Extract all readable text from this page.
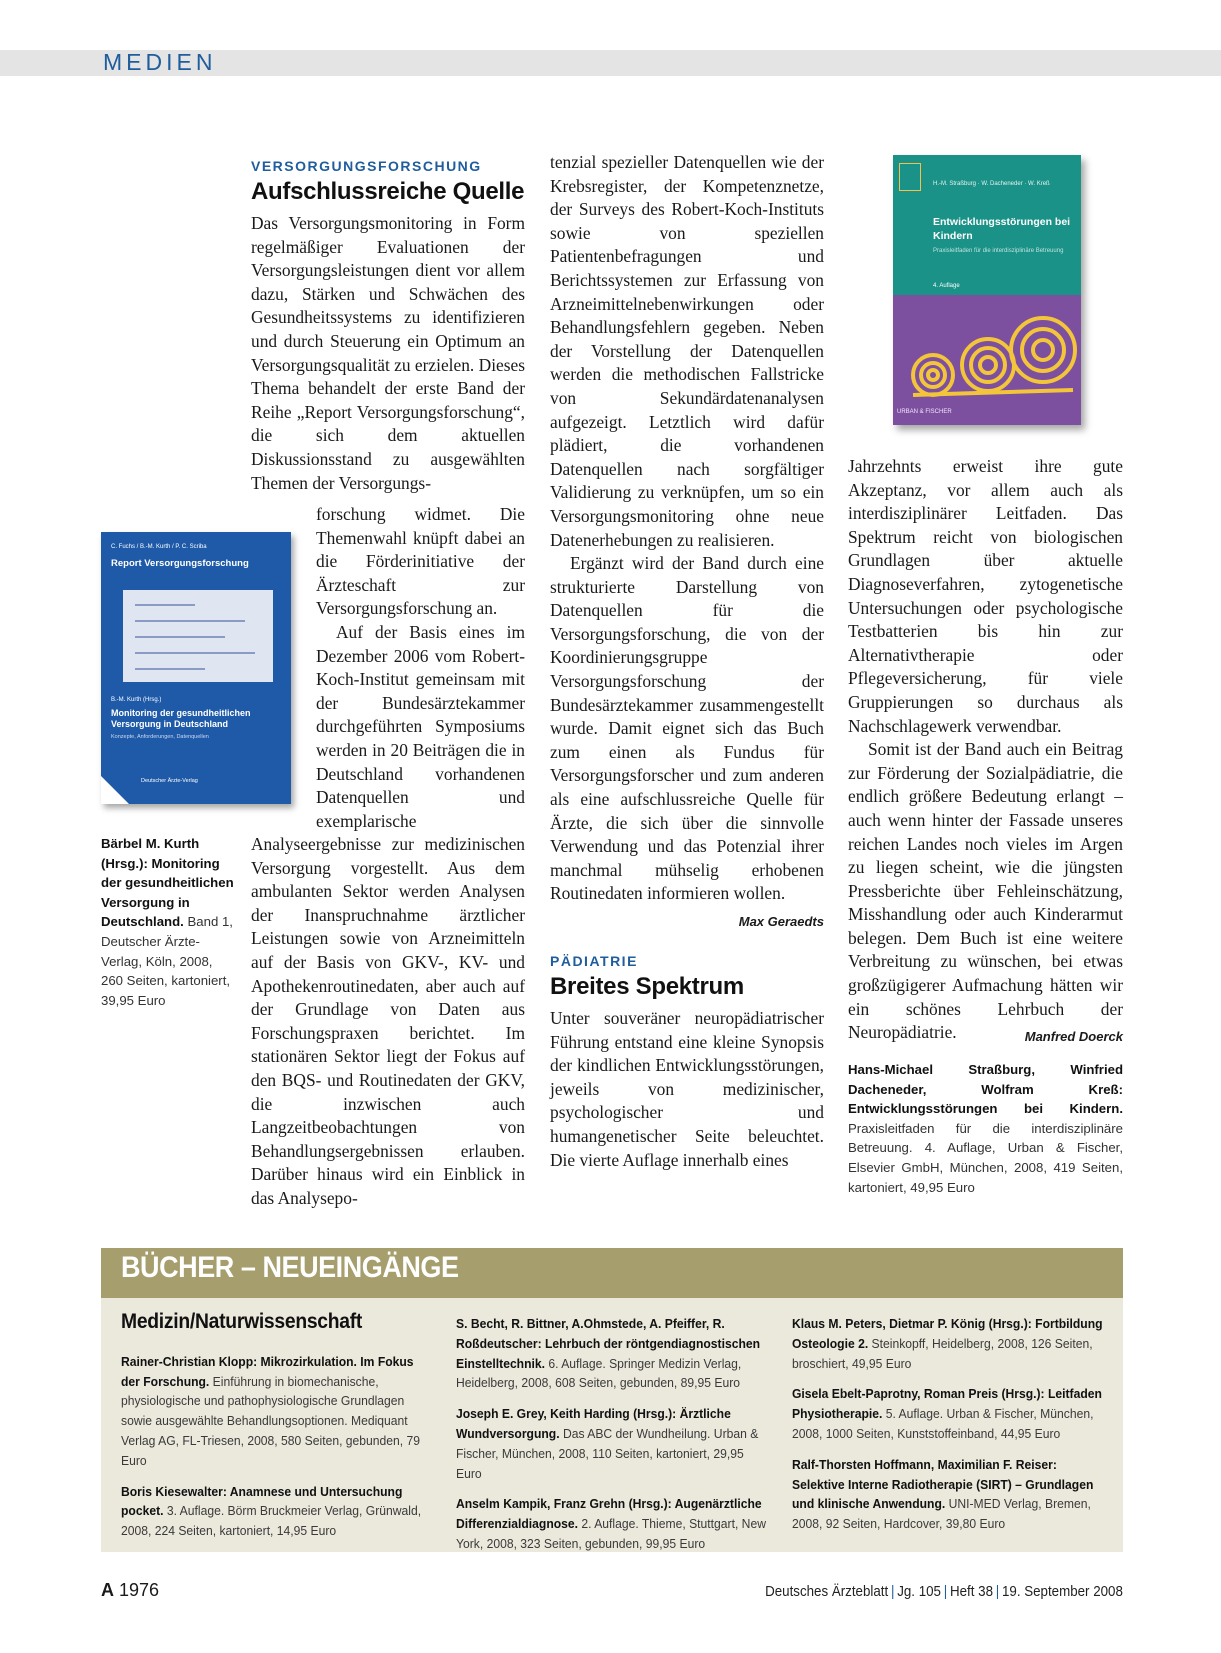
MEDIEN
VERSORGUNGSFORSCHUNG
Aufschlussreiche Quelle

Das Versorgungsmonitoring in Form regelmäßiger Evaluationen der Versorgungsleistungen dient vor allem dazu, Stärken und Schwächen des Gesundheitssystems zu identifizieren und durch Steuerung ein Optimum an Versorgungsqualität zu erzielen. Dieses Thema behandelt der erste Band der Reihe „Report Versorgungsforschung“, die sich dem aktuellen Diskussionsstand zu ausgewählten Themen der Versorgungs-

forschung widmet. Die Themenwahl knüpft dabei an die Förderinitiative der Ärzteschaft zur Versorgungsforschung an.

Auf der Basis eines im Dezember 2006 vom Robert-Koch-Institut gemeinsam mit der Bundesärztekammer durchgeführten Symposiums werden in 20 Beiträgen die in Deutschland vorhandenen Datenquellen und exemplarische

Analyseergebnisse zur medizinischen Versorgung vorgestellt. Aus dem ambulanten Sektor werden Analysen der Inanspruchnahme ärztlicher Leistungen sowie von Arzneimitteln auf der Basis von GKV-, KV- und Apothekenroutinedaten, aber auch auf der Grundlage von Daten aus Forschungspraxen berichtet. Im stationären Sektor liegt der Fokus auf den BQS- und Routinedaten der GKV, die inzwischen auch Langzeitbeobachtungen von Behandlungsergebnissen erlauben. Darüber hinaus wird ein Einblick in das Analysepo-

tenzial spezieller Datenquellen wie der Krebsregister, der Kompetenznetze, der Surveys des Robert-Koch-Instituts sowie von speziellen Patientenbefragungen und Berichtssystemen zur Erfassung von Arzneimittelnebenwirkungen oder Behandlungsfehlern gegeben. Neben der Vorstellung der Datenquellen werden die methodischen Fallstricke von Sekundärdatenanalysen aufgezeigt. Letztlich wird dafür plädiert, die vorhandenen Datenquellen nach sorgfältiger Validierung zu verknüpfen, um so ein Versorgungsmonitoring ohne neue Datenerhebungen zu realisieren.

Ergänzt wird der Band durch eine strukturierte Darstellung von Datenquellen für die Versorgungsforschung, die von der Koordinierungsgruppe Versorgungsforschung der Bundesärztekammer zusammengestellt wurde. Damit eignet sich das Buch zum einen als Fundus für Versorgungsforscher und zum anderen als eine aufschlussreiche Quelle für Ärzte, die sich über die sinnvolle Verwendung und das Potenzial ihrer manchmal mühselig erhobenen Routinedaten informieren wollen.
Max Geraedts

C. Fuchs / B.-M. Kurth / P. C. Scriba
Report Versorgungsforschung
B.-M. Kurth (Hrsg.)
Monitoring der gesundheitlichen Versorgung in Deutschland
Konzepte, Anforderungen, Datenquellen
Deutscher Ärzte-Verlag
Bärbel M. Kurth (Hrsg.): Monitoring der gesundheitlichen Versorgung in Deutschland. Band 1, Deutscher Ärzte-Verlag, Köln, 2008, 260 Seiten, kartoniert, 39,95 Euro
PÄDIATRIE
Breites Spektrum

Unter souveräner neuropädiatrischer Führung entstand eine kleine Synopsis der kindlichen Entwicklungsstörungen, jeweils von medizinischer, psychologischer und humangenetischer Seite beleuchtet. Die vierte Auflage innerhalb eines

H.-M. Straßburg · W. Dacheneder · W. Kreß
Entwicklungsstörungen bei Kindern
Praxisleitfaden für die interdisziplinäre Betreuung
4. Auflage
URBAN & FISCHER

Jahrzehnts erweist ihre gute Akzeptanz, vor allem auch als interdisziplinärer Leitfaden. Das Spektrum reicht von biologischen Grundlagen über aktuelle Diagnoseverfahren, zytogenetische Untersuchungen oder psychologische Testbatterien bis hin zur Alternativtherapie oder Pflegeversicherung, für viele Gruppierungen so durchaus als Nachschlagewerk verwendbar.

Somit ist der Band auch ein Beitrag zur Förderung der Sozialpädiatrie, die endlich größere Bedeutung erlangt – auch wenn hinter der Fassade unseres reichen Landes noch vieles im Argen zu liegen scheint, wie die jüngsten Pressberichte über Fehleinschätzung, Misshandlung oder auch Kinderarmut belegen. Dem Buch ist eine weitere Verbreitung zu wünschen, bei etwas großzügigerer Aufmachung hätten wir ein schönes Lehrbuch der Neuropädiatrie.	Manfred Doerck

Hans-Michael Straßburg, Winfried Dacheneder, Wolfram Kreß: Entwicklungsstörungen bei Kindern. Praxisleitfaden für die interdisziplinäre Betreuung. 4. Auflage, Urban & Fischer, Elsevier GmbH, München, 2008, 419 Seiten, kartoniert, 49,95 Euro
BÜCHER – NEUEINGÄNGE
Medizin/Naturwissenschaft
Rainer-Christian Klopp: Mikrozirkulation. Im Fokus der Forschung. Einführung in biomechanische, physiologische und pathophysiologische Grundlagen sowie ausgewählte Behandlungsoptionen. Mediquant Verlag AG, FL-Triesen, 2008, 580 Seiten, gebunden, 79 Euro
Boris Kiesewalter: Anamnese und Untersuchung pocket. 3. Auflage. Börm Bruckmeier Verlag, Grünwald, 2008, 224 Seiten, kartoniert, 14,95 Euro
S. Becht, R. Bittner, A.Ohmstede, A. Pfeiffer, R. Roßdeutscher: Lehrbuch der röntgendiagnostischen Einstelltechnik. 6. Auflage. Springer Medizin Verlag, Heidelberg, 2008, 608 Seiten, gebunden, 89,95 Euro
Joseph E. Grey, Keith Harding (Hrsg.): Ärztliche Wundversorgung. Das ABC der Wundheilung. Urban & Fischer, München, 2008, 110 Seiten, kartoniert, 29,95 Euro
Anselm Kampik, Franz Grehn (Hrsg.): Augenärztliche Differenzialdiagnose. 2. Auflage. Thieme, Stuttgart, New York, 2008, 323 Seiten, gebunden, 99,95 Euro
Klaus M. Peters, Dietmar P. König (Hrsg.): Fortbildung Osteologie 2. Steinkopff, Heidelberg, 2008, 126 Seiten, broschiert, 49,95 Euro
Gisela Ebelt-Paprotny, Roman Preis (Hrsg.): Leitfaden Physiotherapie. 5. Auflage. Urban & Fischer, München, 2008, 1000 Seiten, Kunststoffeinband, 44,95 Euro
Ralf-Thorsten Hoffmann, Maximilian F. Reiser: Selektive Interne Radiotherapie (SIRT) – Grundlagen und klinische Anwendung. UNI-MED Verlag, Bremen, 2008, 92 Seiten, Hardcover, 39,80 Euro
A 1976	Deutsches Ärzteblatt | Jg. 105 | Heft 38 | 19. September 2008
